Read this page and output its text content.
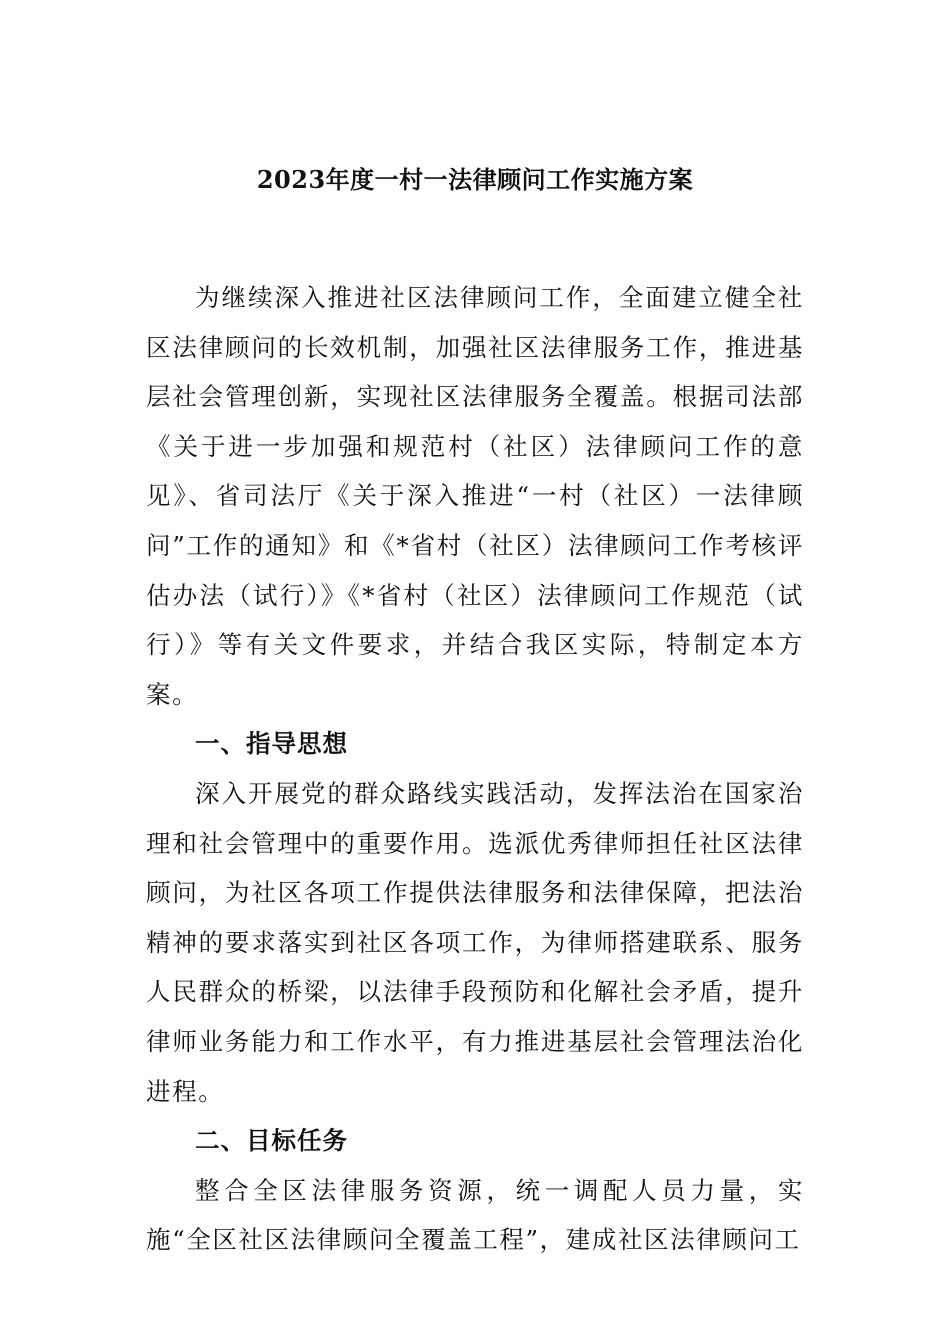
2023年度一村一法律顾问工作实施方案

为继续深入推进社区法律顾问工作，全面建立健全社区法律顾问的长效机制，加强社区法律服务工作，推进基层社会管理创新，实现社区法律服务全覆盖。根据司法部《关于进一步加强和规范村（社区）法律顾问工作的意见》、省司法厅《关于深入推进“一村（社区）一法律顾问”工作的通知》和《*省村（社区）法律顾问工作考核评估办法（试行）》《*省村（社区）法律顾问工作规范（试行）》等有关文件要求，并结合我区实际，特制定本方案。

一、指导思想

深入开展党的群众路线实践活动，发挥法治在国家治理和社会管理中的重要作用。选派优秀律师担任社区法律顾问，为社区各项工作提供法律服务和法律保障，把法治精神的要求落实到社区各项工作，为律师搭建联系、服务人民群众的桥梁，以法律手段预防和化解社会矛盾，提升律师业务能力和工作水平，有力推进基层社会管理法治化进程。

二、目标任务

整合全区法律服务资源，统一调配人员力量，实施“全区社区法律顾问全覆盖工程”，建成社区法律顾问工
